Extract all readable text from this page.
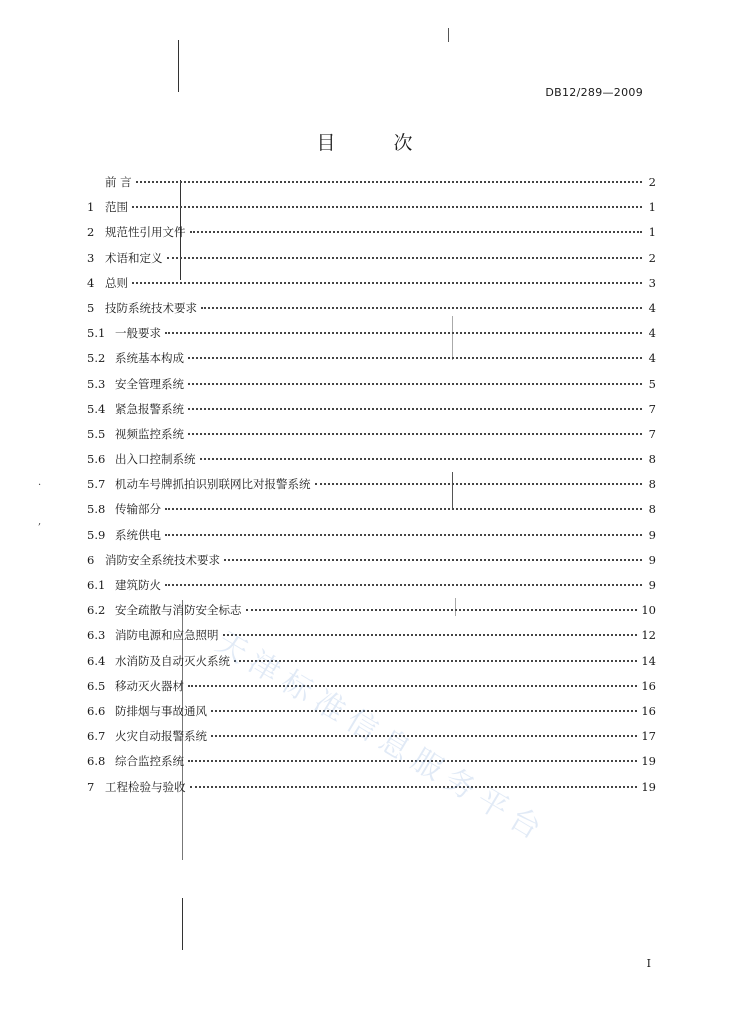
·
,
DB12/289—2009
目 次
前 言	2
1 范围	1
2 规范性引用文件	1
3 术语和定义	2
4 总则	3
5 技防系统技术要求	4
5.1 一般要求	4
5.2 系统基本构成	4
5.3 安全管理系统	5
5.4 紧急报警系统	7
5.5 视频监控系统	7
5.6 出入口控制系统	8
5.7 机动车号牌抓拍识别联网比对报警系统	8
5.8 传输部分	8
5.9 系统供电	9
6 消防安全系统技术要求	9
6.1 建筑防火	9
6.2 安全疏散与消防安全标志	10
6.3 消防电源和应急照明	12
6.4 水消防及自动灭火系统	14
6.5 移动灭火器材	16
6.6 防排烟与事故通风	16
6.7 火灾自动报警系统	17
6.8 综合监控系统	19
7 工程检验与验收	19
天津标准信息服务平台
Ⅰ
